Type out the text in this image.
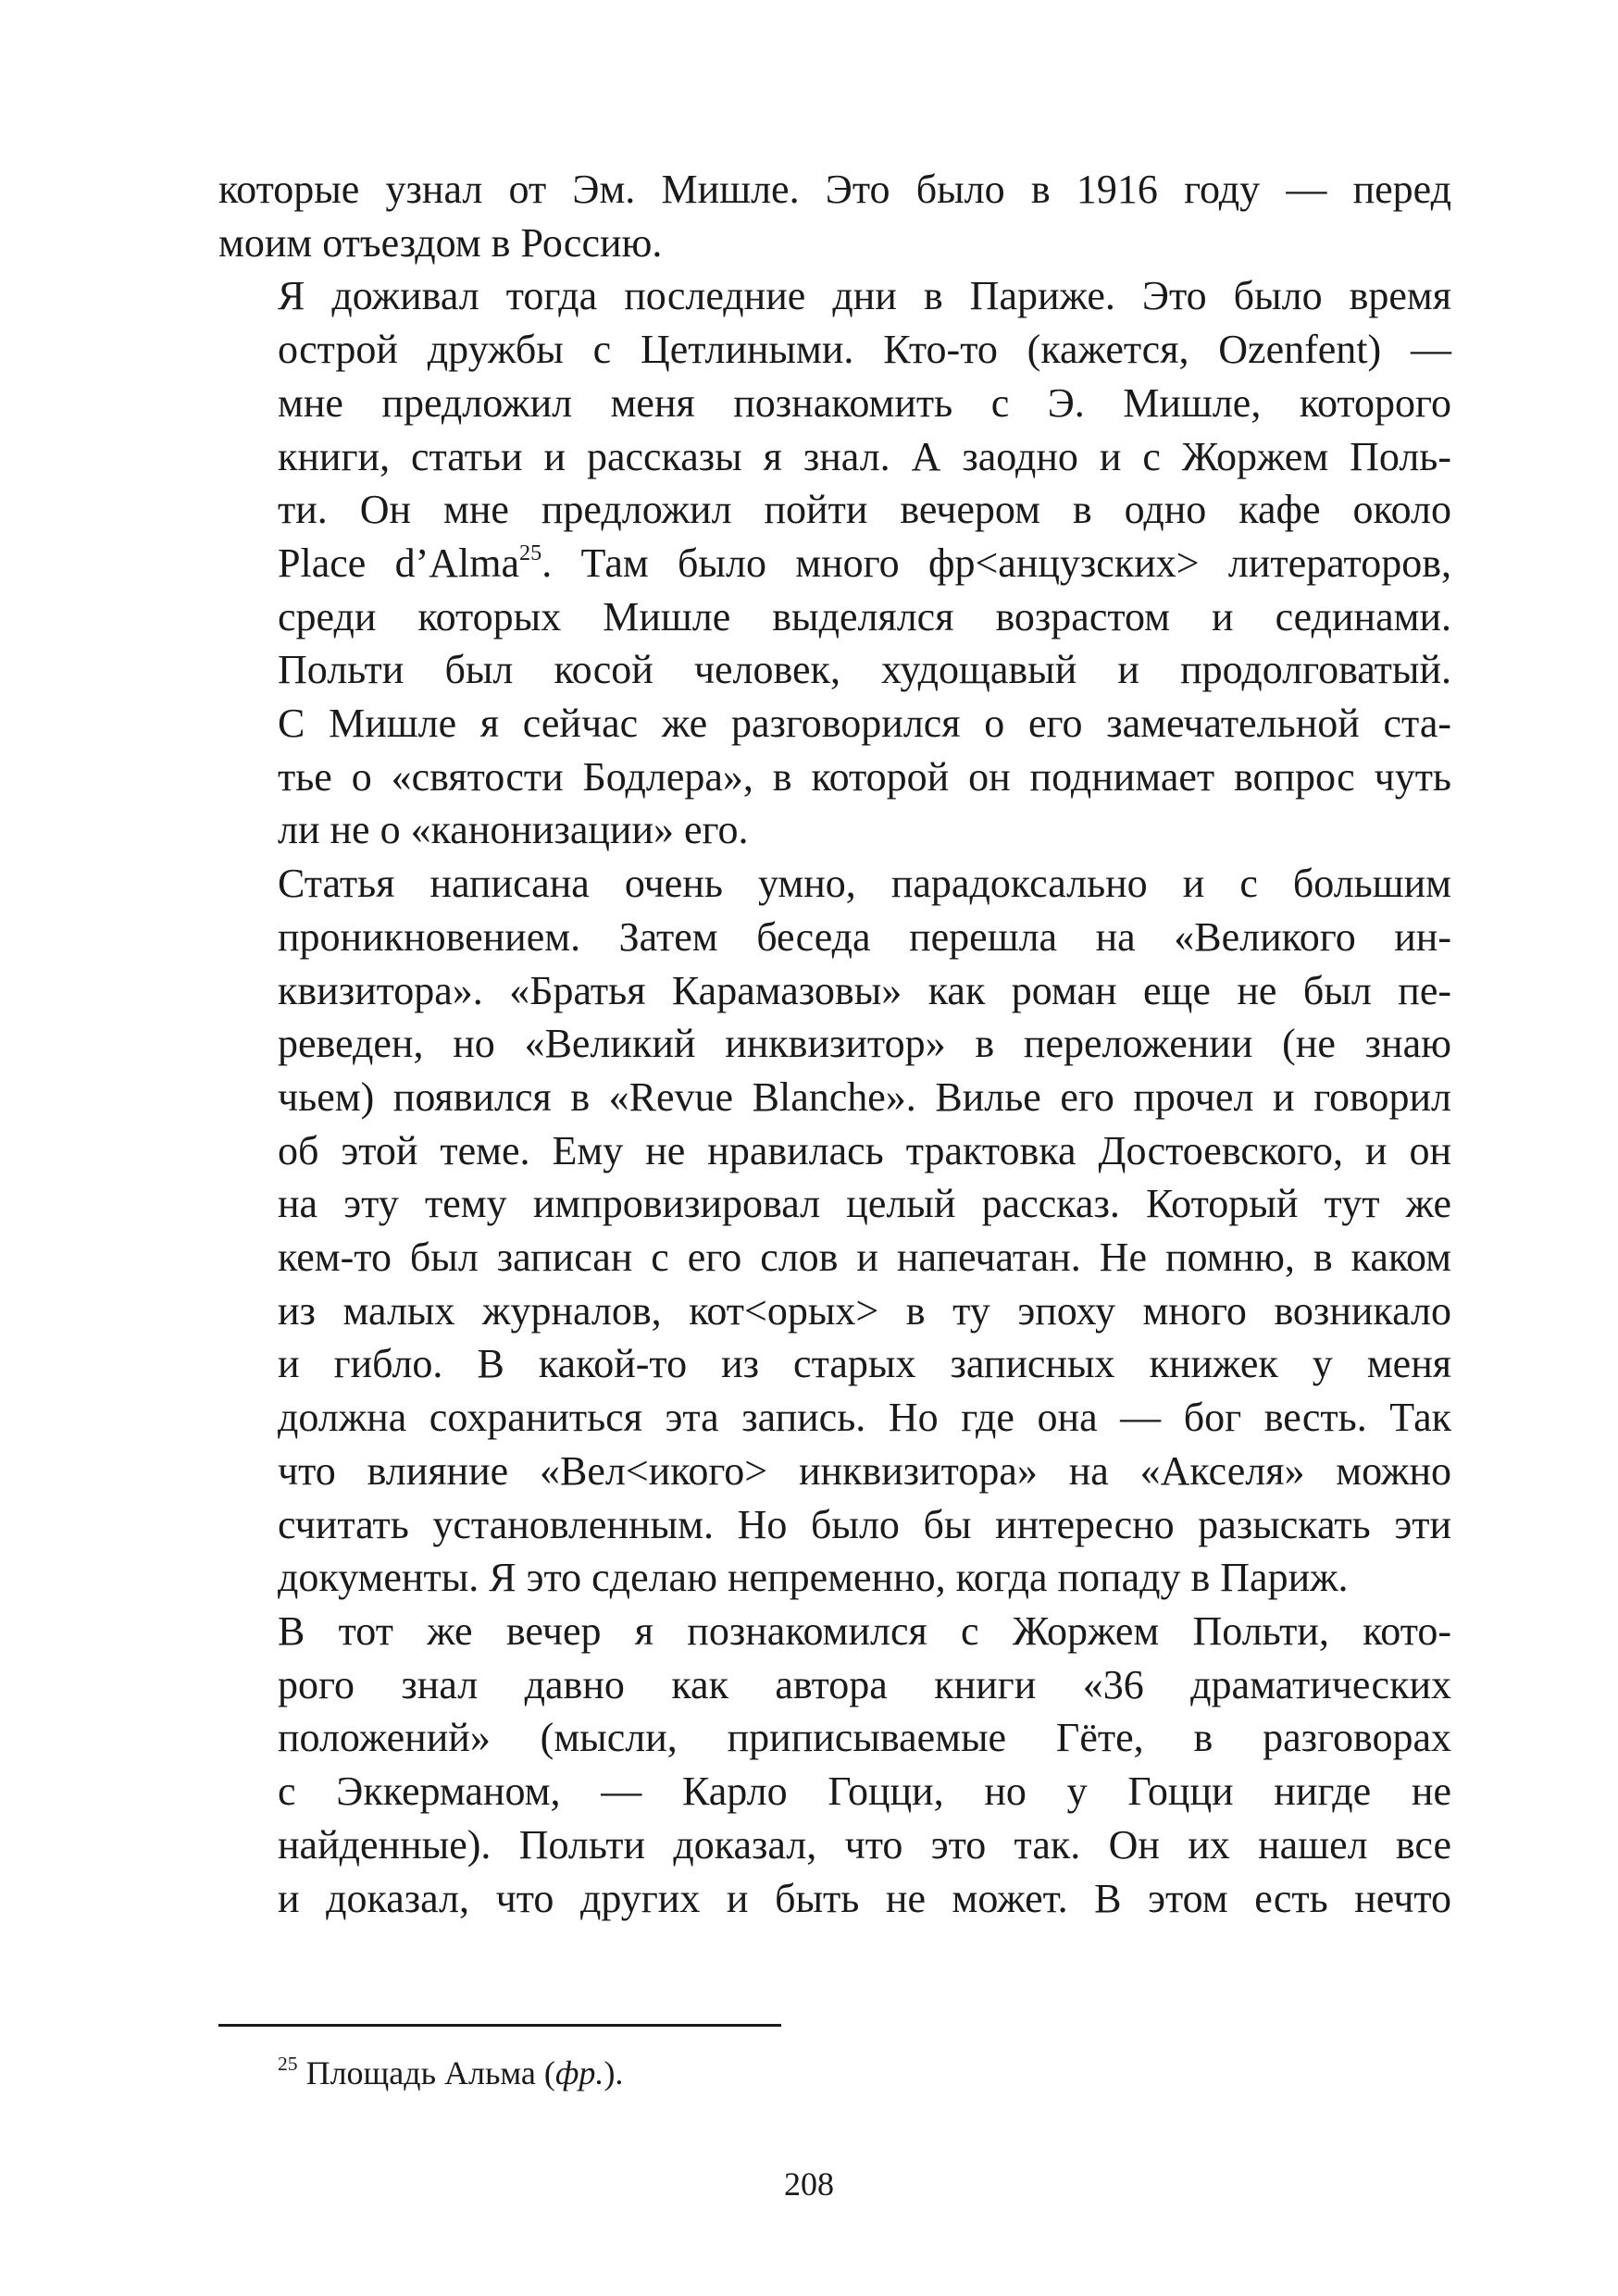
которые узнал от Эм. Мишле. Это было в 1916 году — перед
моим отъездом в Россию.

Я доживал тогда последние дни в Париже. Это было время
острой дружбы с Цетлиными. Кто-то (кажется, Ozenfent) —
мне предложил меня познакомить с Э. Мишле, которого
книги, статьи и рассказы я знал. А заодно и с Жоржем Поль-
ти. Он мне предложил пойти вечером в одно кафе около
Place d’Alma$^{25}$. Там было много фр<анцузских> литераторов,
среди которых Мишле выделялся возрастом и сединами.
Польти был косой человек, худощавый и продолговатый.
С Мишле я сейчас же разговорился о его замечательной ста-
тье о «святости Бодлера», в которой он поднимает вопрос чуть
ли не о «канонизации» его.

Статья написана очень умно, парадоксально и с большим
проникновением. Затем беседа перешла на «Великого ин-
квизитора». «Братья Карамазовы» как роман еще не был пе-
реведен, но «Великий инквизитор» в переложении (не знаю
чьем) появился в «Revue Blanche». Вилье его прочел и говорил
об этой теме. Ему не нравилась трактовка Достоевского, и он
на эту тему импровизировал целый рассказ. Который тут же
кем-то был записан с его слов и напечатан. Не помню, в каком
из малых журналов, кот<орых> в ту эпоху много возникало
и гибло. В какой-то из старых записных книжек у меня
должна сохраниться эта запись. Но где она — бог весть. Так
что влияние «Вел<икого> инквизитора» на «Акселя» можно
считать установленным. Но было бы интересно разыскать эти
документы. Я это сделаю непременно, когда попаду в Париж.

В тот же вечер я познакомился с Жоржем Польти, кото-
рого знал давно как автора книги «36 драматических
положений» (мысли, приписываемые Гёте, в разговорах
с Эккерманом, — Карло Гоцци, но у Гоцци нигде не
найденные). Польти доказал, что это так. Он их нашел все
и доказал, что других и быть не может. В этом есть нечто

$^{25}$ Площадь Альма (фр.).
208
